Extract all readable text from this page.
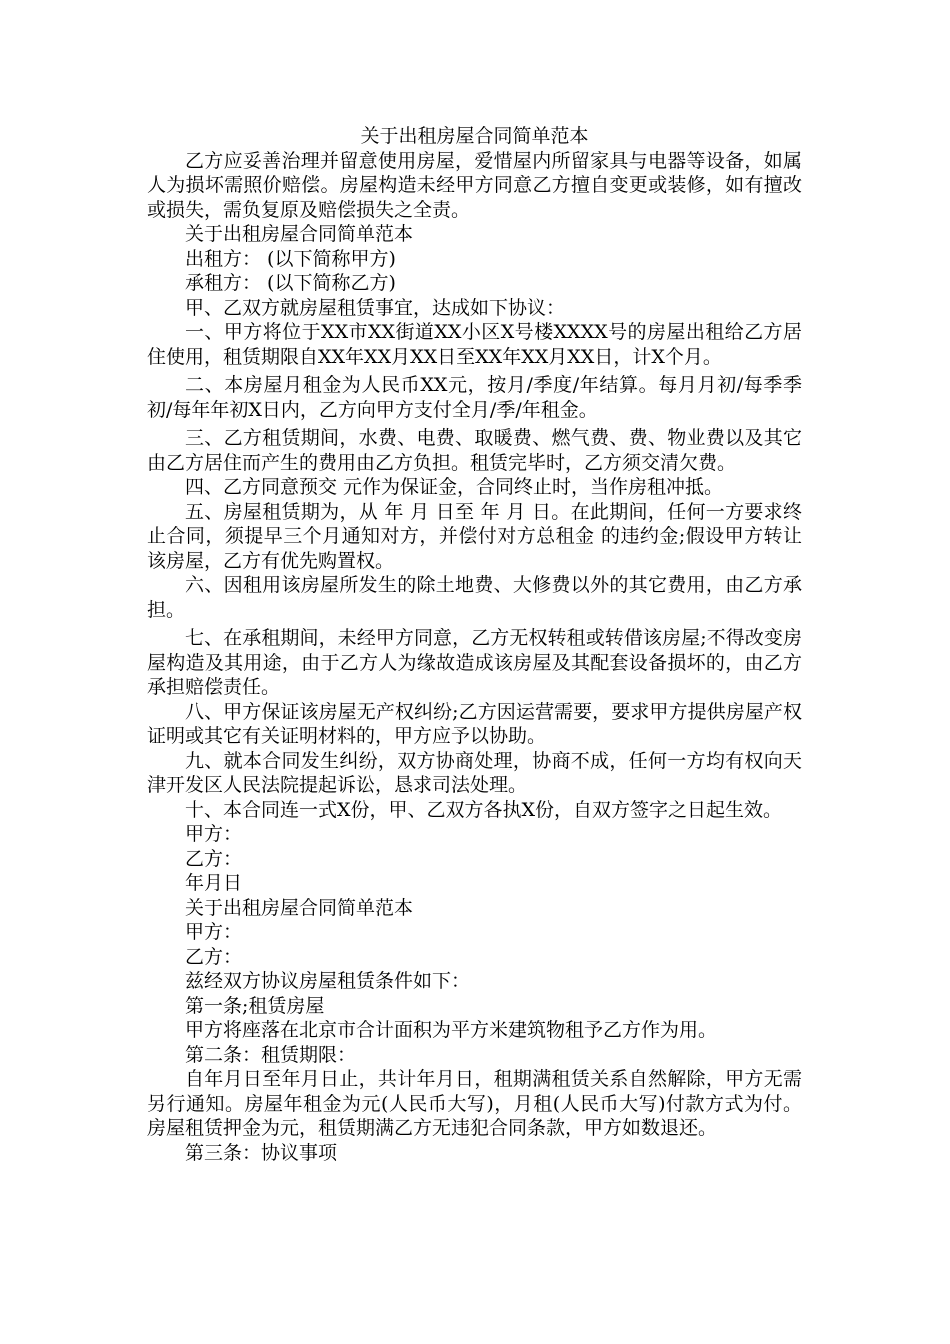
关于出租房屋合同简单范本

乙方应妥善治理并留意使用房屋，爱惜屋内所留家具与电器等设备，如属人为损坏需照价赔偿。房屋构造未经甲方同意乙方擅自变更或装修，如有擅改或损失，需负复原及赔偿损失之全责。

关于出租房屋合同简单范本

出租方： (以下简称甲方)

承租方： (以下简称乙方)

甲、乙双方就房屋租赁事宜，达成如下协议：

一、甲方将位于XX市XX街道XX小区X号楼XXXX号的房屋出租给乙方居住使用，租赁期限自XX年XX月XX日至XX年XX月XX日，计X个月。

二、本房屋月租金为人民币XX元，按月/季度/年结算。每月月初/每季季初/每年年初X日内，乙方向甲方支付全月/季/年租金。

三、乙方租赁期间，水费、电费、取暖费、燃气费、费、物业费以及其它由乙方居住而产生的费用由乙方负担。租赁完毕时，乙方须交清欠费。

四、乙方同意预交 元作为保证金，合同终止时，当作房租冲抵。

五、房屋租赁期为，从 年 月 日至 年 月 日。在此期间，任何一方要求终止合同，须提早三个月通知对方，并偿付对方总租金 的违约金;假设甲方转让该房屋，乙方有优先购置权。

六、因租用该房屋所发生的除土地费、大修费以外的其它费用，由乙方承担。

七、在承租期间，未经甲方同意，乙方无权转租或转借该房屋;不得改变房屋构造及其用途，由于乙方人为缘故造成该房屋及其配套设备损坏的，由乙方承担赔偿责任。

八、甲方保证该房屋无产权纠纷;乙方因运营需要，要求甲方提供房屋产权证明或其它有关证明材料的，甲方应予以协助。

九、就本合同发生纠纷，双方协商处理，协商不成，任何一方均有权向天津开发区人民法院提起诉讼，恳求司法处理。

十、本合同连一式X份，甲、乙双方各执X份，自双方签字之日起生效。

甲方：

乙方：

年月日

关于出租房屋合同简单范本

甲方：

乙方：

兹经双方协议房屋租赁条件如下：

第一条;租赁房屋

甲方将座落在北京市合计面积为平方米建筑物租予乙方作为用。

第二条：租赁期限：

自年月日至年月日止，共计年月日，租期满租赁关系自然解除，甲方无需另行通知。房屋年租金为元(人民币大写)，月租(人民币大写)付款方式为付。房屋租赁押金为元，租赁期满乙方无违犯合同条款，甲方如数退还。

第三条：协议事项
